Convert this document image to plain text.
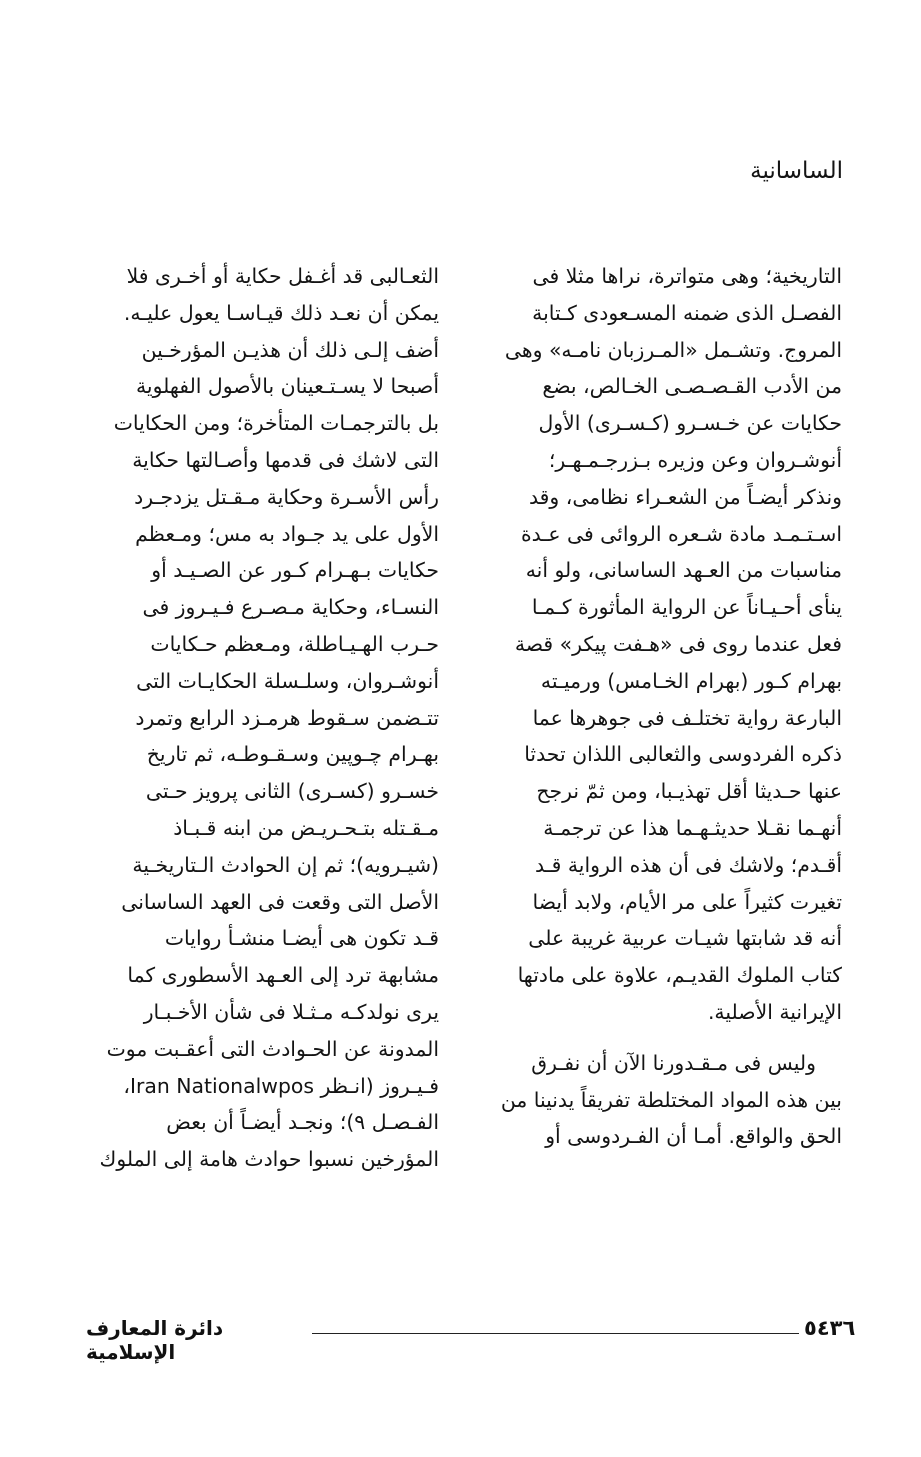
الساسانية
التاريخية؛ وهى متواترة، نراها مثلا فى
الفصـل الذى ضمنه المسـعودى كـتابة
المروج. وتشـمل «المـرزبان نامـه» وهى
من الأدب القـصـصـى الخـالص، بضع
حكايات عن خـسـرو (كـسـرى) الأول
أنوشـروان وعن وزيره بـزرجـمـهـر؛
ونذكر أيضـاً من الشعـراء نظامى، وقد
اسـتـمـد مادة شـعره الروائى فى عـدة
مناسبات من العـهد الساسانى، ولو أنه
ينأى أحـيـاناً عن الرواية المأثورة كـمـا
فعل عندما روى فى «هـفت پيكر» قصة
بهرام كـور (بهرام الخـامس) ورميـته
البارعة رواية تختلـف فى جوهرها عما
ذكره الفردوسى والثعالبى اللذان تحدثا
عنها حـديثا أقل تهذيـبا، ومن ثمّ نرجح
أنهـما نقـلا حديثـهـما هذا عن ترجمـة
أقـدم؛ ولاشك فى أن هذه الرواية قـد
تغيرت كثيراً على مر الأيام، ولابد أيضا
أنه قد شابتها شيـات عربية غريبة على
كتاب الملوك القديـم، علاوة على مادتها
الإيرانية الأصلية.
وليس فى مـقـدورنا الآن أن نفـرق
بين هذه المواد المختلطة تفريقاً يدنينا من
الحق والواقع. أمـا أن الفـردوسى أو
الثعـالبى قد أغـفل حكاية أو أخـرى فلا
يمكن أن نعـد ذلك قيـاسـا يعول عليـه.
أضف إلـى ذلك أن هذيـن المؤرخـين
أصبحا لا يسـتـعينان بالأصول الفهلوية
بل بالترجمـات المتأخرة؛ ومن الحكايات
التى لاشك فى قدمها وأصـالتها حكاية
رأس الأسـرة وحكاية مـقـتل يزدجـرد
الأول على يد جـواد به مس؛ ومـعظم
حكايات بـهـرام كـور عن الصـيـد أو
النسـاء، وحكاية مـصـرع فـيـروز فى
حـرب الهـيـاطلة، ومـعظم حـكايات
أنوشـروان، وسلـسلة الحكايـات التى
تتـضمن سـقوط هرمـزد الرابع وتمرد
بهـرام چـوپين وسـقـوطـه، ثم تاريخ
خسـرو (كسـرى) الثانى پرويز حـتى
مـقـتله بتـحـريـض من ابنه قـبـاذ
(شيـرويه)؛ ثم إن الحوادث الـتاريخـية
الأصل التى وقعت فى العهد الساسانى
قـد تكون هى أيضـا منشـأ روايات
مشابهة ترد إلى العـهد الأسطورى كما
يرى نولدكـه مـثـلا فى شأن الأخـبـار
المدونة عن الحـوادث التى أعقـبت موت
فـيـروز (انـظر Iran Nationalwpos،
الفـصـل ٩)؛ ونجـد أيضـاً أن بعض
المؤرخين نسبوا حوادث هامة إلى الملوك
دائرة المعارف الإسلامية
٥٤٣٦
